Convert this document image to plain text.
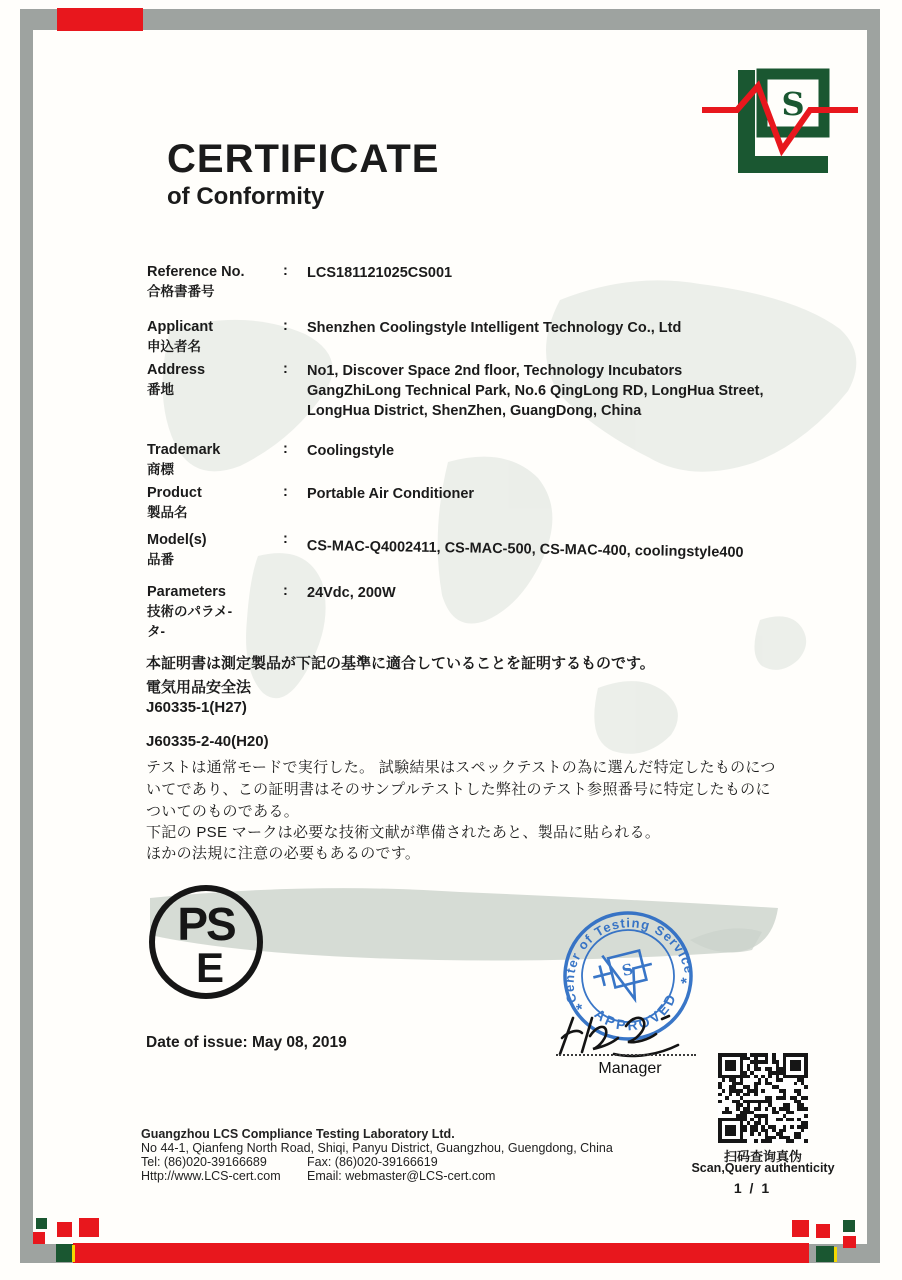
S
CERTIFICATE
of Conformity
Reference No.
合格書番号
: LCS181121025CS001
Applicant
申込者名
: Shenzhen Coolingstyle Intelligent Technology Co., Ltd
Address
番地
: No1, Discover Space 2nd floor, Technology Incubators
GangZhiLong Technical Park, No.6 QingLong RD, LongHua Street,
LongHua District, ShenZhen, GuangDong, China
Trademark
商標
: Coolingstyle
Product
製品名
: Portable Air Conditioner
Model(s)
品番
: CS-MAC-Q4002411, CS-MAC-500, CS-MAC-400, coolingstyle400
Parameters
技術のパラメ-
タ-
: 24Vdc, 200W
本証明書は測定製品が下記の基準に適合していることを証明するものです。
電気用品安全法
J60335-1(H27)
J60335-2-40(H20)
テストは通常モードで実行した。 試験結果はスペックテストの為に選んだ特定したものにつ
いてであり、この証明書はそのサンプルテストした弊社のテスト参照番号に特定したものに
ついてのものである。
下記の PSE マークは必要な技術文献が準備されたあと、製品に貼られる。
ほかの法規に注意の必要もあるのです。
PS
E
Date of issue: May 08, 2019
Center of Testing Service
APPROVED
*
*
S
Manager
扫码查询真伪
Scan,Query authenticity
1 / 1
Guangzhou LCS Compliance Testing Laboratory Ltd.
No 44-1, Qianfeng North Road, Shiqi, Panyu District, Guangzhou, Guengdong, China
Tel: (86)020-39166689	Fax: (86)020-39166619
Http://www.LCS-cert.com Email: webmaster@LCS-cert.com
